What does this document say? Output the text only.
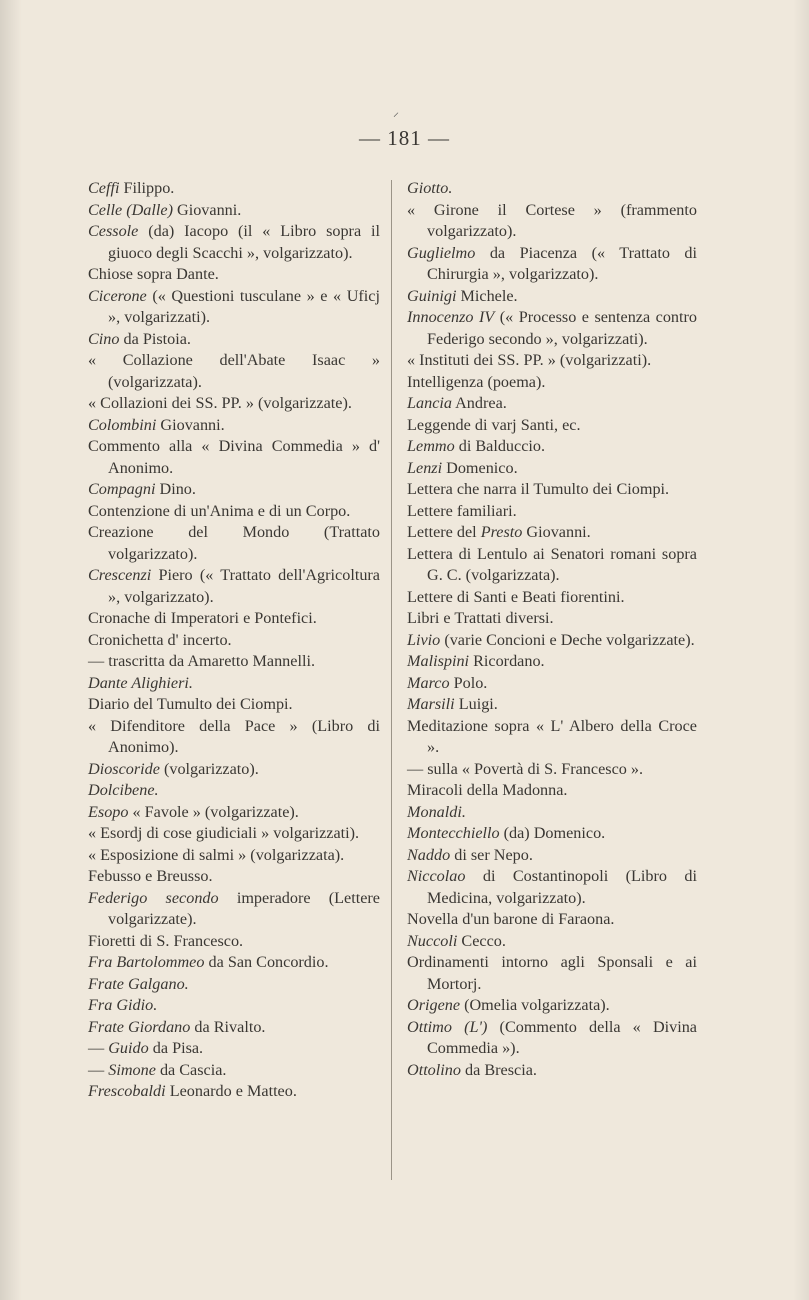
⸝
— 181 —
Ceffi Filippo.
Celle (Dalle) Giovanni.
Cessole (da) Iacopo (il « Libro sopra il giuoco degli Scacchi », volgarizzato).
Chiose sopra Dante.
Cicerone (« Questioni tusculane » e « Uficj », volgarizzati).
Cino da Pistoia.
« Collazione dell'Abate Isaac » (volgarizzata).
« Collazioni dei SS. PP. » (volgarizzate).
Colombini Giovanni.
Commento alla « Divina Commedia » d' Anonimo.
Compagni Dino.
Contenzione di un'Anima e di un Corpo.
Creazione del Mondo (Trattato volgarizzato).
Crescenzi Piero (« Trattato dell'Agricoltura », volgarizzato).
Cronache di Imperatori e Pontefici.
Cronichetta d' incerto.
— trascritta da Amaretto Mannelli.
Dante Alighieri.
Diario del Tumulto dei Ciompi.
« Difenditore della Pace » (Libro di Anonimo).
Dioscoride (volgarizzato).
Dolcibene.
Esopo « Favole » (volgarizzate).
« Esordj di cose giudiciali » volgarizzati).
« Esposizione di salmi » (volgarizzata).
Febusso e Breusso.
Federigo secondo imperadore (Lettere volgarizzate).
Fioretti di S. Francesco.
Fra Bartolommeo da San Concordio.
Frate Galgano.
Fra Gidio.
Frate Giordano da Rivalto.
— Guido da Pisa.
— Simone da Cascia.
Frescobaldi Leonardo e Matteo.
Giotto.
« Girone il Cortese » (frammento volgarizzato).
Guglielmo da Piacenza (« Trattato di Chirurgia », volgarizzato).
Guinigi Michele.
Innocenzo IV (« Processo e sentenza contro Federigo secondo », volgarizzati).
« Instituti dei SS. PP. » (volgarizzati).
Intelligenza (poema).
Lancia Andrea.
Leggende di varj Santi, ec.
Lemmo di Balduccio.
Lenzi Domenico.
Lettera che narra il Tumulto dei Ciompi.
Lettere familiari.
Lettere del Presto Giovanni.
Lettera di Lentulo ai Senatori romani sopra G. C. (volgarizzata).
Lettere di Santi e Beati fiorentini.
Libri e Trattati diversi.
Livio (varie Concioni e Deche volgarizzate).
Malispini Ricordano.
Marco Polo.
Marsili Luigi.
Meditazione sopra « L' Albero della Croce ».
— sulla « Povertà di S. Francesco ».
Miracoli della Madonna.
Monaldi.
Montecchiello (da) Domenico.
Naddo di ser Nepo.
Niccolao di Costantinopoli (Libro di Medicina, volgarizzato).
Novella d'un barone di Faraona.
Nuccoli Cecco.
Ordinamenti intorno agli Sponsali e ai Mortorj.
Origene (Omelia volgarizzata).
Ottimo (L') (Commento della « Divina Commedia »).
Ottolino da Brescia.
